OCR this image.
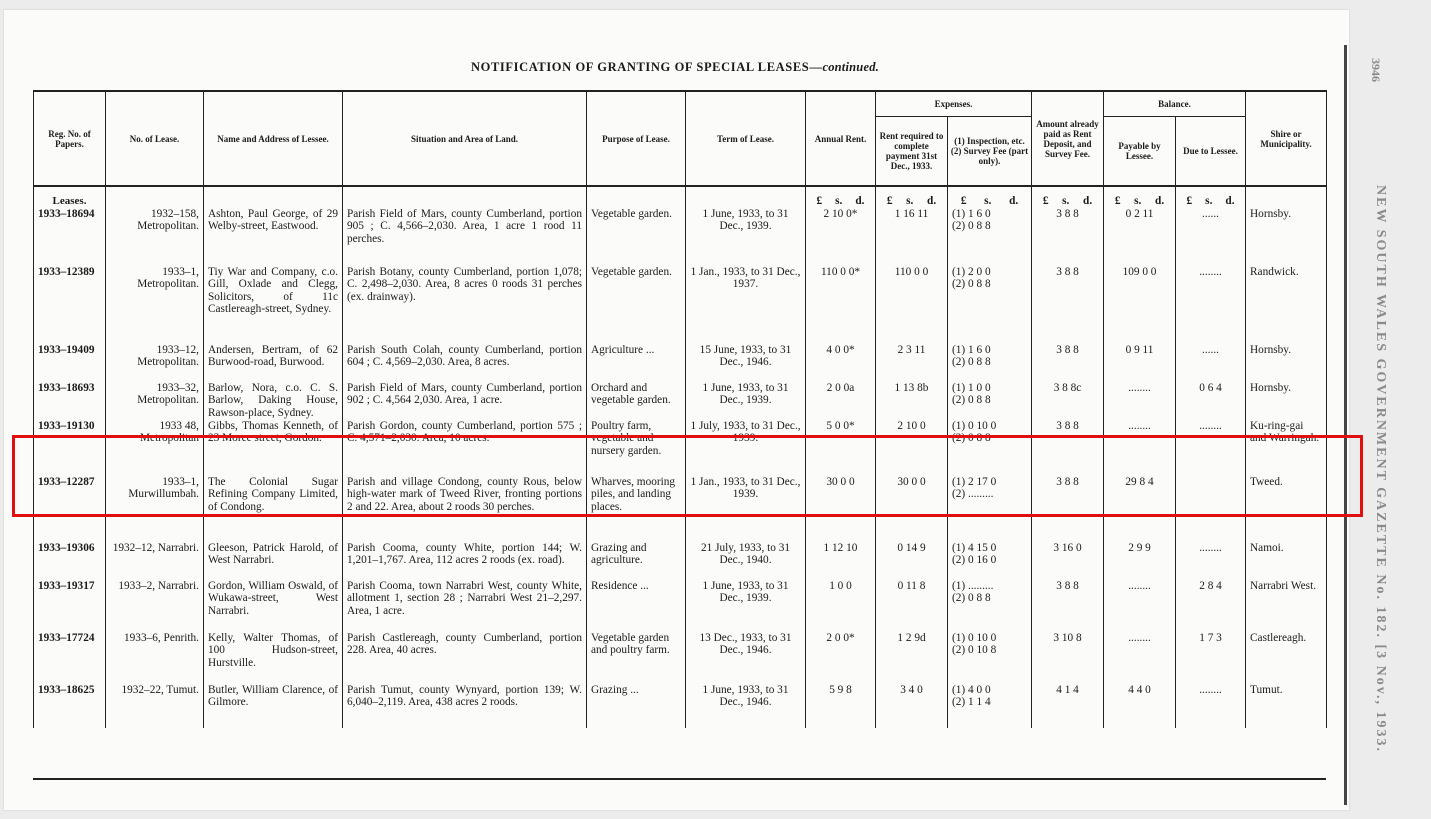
NOTIFICATION OF GRANTING OF SPECIAL LEASES—continued.
Reg. No. of Papers.	No. of Lease.	Name and Address of Lessee.	Situation and Area of Land.	Purpose of Lease.	Term of Lease.	Annual Rent.	Expenses.		Amount already paid as Rent Deposit, and Survey Fee.	Balance.		Shire or Municipality.
							Rent required to complete payment 31st Dec., 1933.	(1) Inspection, etc. (2) Survey Fee (part only).		Payable by Lessee.	Due to Lessee.	

Leases.						£ s. d.	£ s. d.	£ s. d.	£ s. d.	£ s. d.	£ s. d.	

1933–18694	1932–158, Metropolitan.	Ashton, Paul George, of 29 Welby-street, Eastwood.	Parish Field of Mars, county Cumberland, portion 905 ; C. 4,566–2,030. Area, 1 acre 1 rood 11 perches.	Vegetable garden.	1 June, 1933, to 31 Dec., 1939.	2 10 0*	1 16 11	(1) 1 6 0
(2) 0 8 8	3 8 8	0 2 11	......	Hornsby.
1933–12389	1933–1, Metropolitan.	Tiy War and Company, c.o. Gill, Oxlade and Clegg, Solicitors, of 11c Castlereagh-street, Sydney.	Parish Botany, county Cumberland, portion 1,078; C. 2,498–2,030. Area, 8 acres 0 roods 31 perches (ex. drainway).	Vegetable garden.	1 Jan., 1933, to 31 Dec., 1937.	110 0 0*	110 0 0	(1) 2 0 0
(2) 0 8 8	3 8 8	109 0 0	........	Randwick.
1933–19409	1933–12, Metropolitan.	Andersen, Bertram, of 62 Burwood-road, Burwood.	Parish South Colah, county Cumberland, portion 604 ; C. 4,569–2,030. Area, 8 acres.	Agriculture ...	15 June, 1933, to 31 Dec., 1946.	4 0 0*	2 3 11	(1) 1 6 0
(2) 0 8 8	3 8 8	0 9 11	......	Hornsby.
1933–18693	1933–32, Metropolitan.	Barlow, Nora, c.o. C. S. Barlow, Daking House, Rawson-place, Sydney.	Parish Field of Mars, county Cumberland, portion 902 ; C. 4,564 2,030. Area, 1 acre.	Orchard and vegetable garden.	1 June, 1933, to 31 Dec., 1939.	2 0 0a	1 13 8b	(1) 1 0 0
(2) 0 8 8	3 8 8c	........	0 6 4	Hornsby.
1933–19130	1933 48, Metropolitan	Gibbs, Thomas Kenneth, of 23 Moree street, Gordon.	Parish Gordon, county Cumberland, portion 575 ; C. 4,571–2,030. Area, 10 acres.	Poultry farm, vegetable and nursery garden.	1 July, 1933, to 31 Dec., 1939.	5 0 0*	2 10 0	(1) 0 10 0
(2) 0 8 8	3 8 8	........	........	Ku-ring-gai and Warringah.
1933–12287	1933–1, Murwillumbah.	The Colonial Sugar Refining Company Limited, of Condong.	Parish and village Condong, county Rous, below high-water mark of Tweed River, fronting portions 2 and 22. Area, about 2 roods 30 perches.	Wharves, mooring piles, and landing places.	1 Jan., 1933, to 31 Dec., 1939.	30 0 0	30 0 0	(1) 2 17 0
(2) .........	3 8 8	29 8 4		Tweed.
1933–19306	1932–12, Narrabri.	Gleeson, Patrick Harold, of West Narrabri.	Parish Cooma, county White, portion 144; W. 1,201–1,767. Area, 112 acres 2 roods (ex. road).	Grazing and agriculture.	21 July, 1933, to 31 Dec., 1940.	1 12 10	0 14 9	(1) 4 15 0
(2) 0 16 0	3 16 0	2 9 9	........	Namoi.
1933–19317	1933–2, Narrabri.	Gordon, William Oswald, of Wukawa-street, West Narrabri.	Parish Cooma, town Narrabri West, county White, allotment 1, section 28 ; Narrabri West 21–2,297. Area, 1 acre.	Residence ...	1 June, 1933, to 31 Dec., 1939.	1 0 0	0 11 8	(1) .........
(2) 0 8 8	3 8 8	........	2 8 4	Narrabri West.
1933–17724	1933–6, Penrith.	Kelly, Walter Thomas, of 100 Hudson-street, Hurstville.	Parish Castlereagh, county Cumberland, portion 228. Area, 40 acres.	Vegetable garden and poultry farm.	13 Dec., 1933, to 31 Dec., 1946.	2 0 0*	1 2 9d	(1) 0 10 0
(2) 0 10 8	3 10 8	........	1 7 3	Castlereagh.
1933–18625	1932–22, Tumut.	Butler, William Clarence, of Gilmore.	Parish Tumut, county Wynyard, portion 139; W. 6,040–2,119. Area, 438 acres 2 roods.	Grazing ...	1 June, 1933, to 31 Dec., 1946.	5 9 8	3 4 0	(1) 4 0 0
(2) 1 1 4	4 1 4	4 4 0	........	Tumut.
3946
NEW SOUTH WALES GOVERNMENT GAZETTE No. 182. [3 Nov., 1933.
